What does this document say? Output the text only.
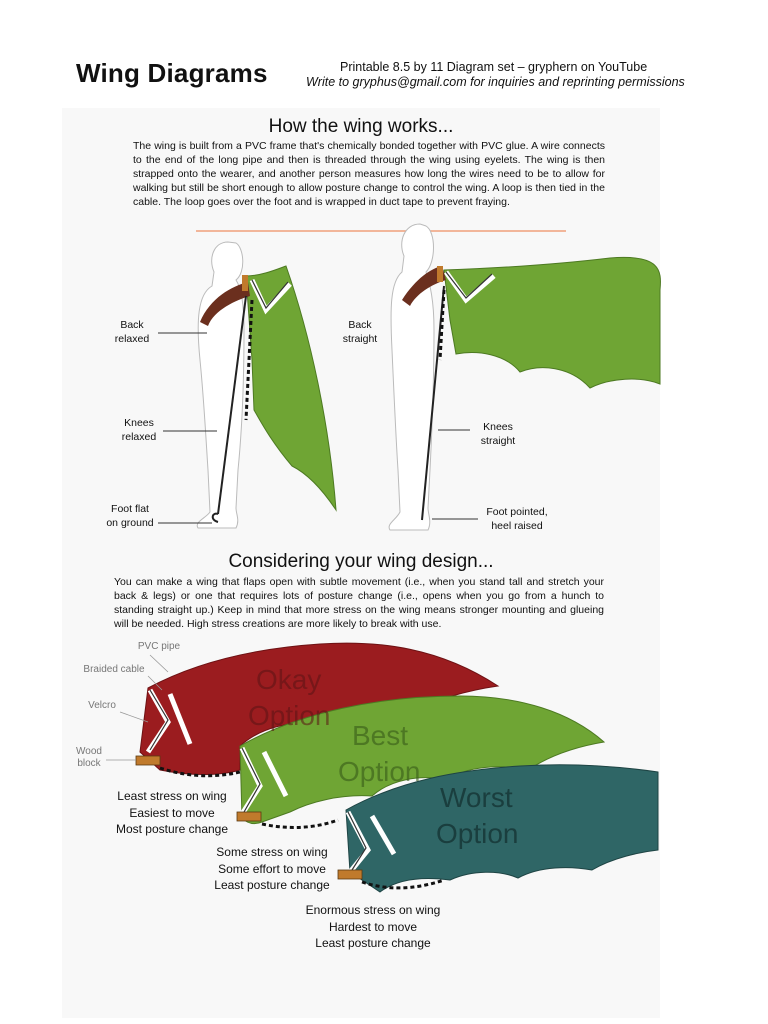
Wing Diagrams	Printable 8.5 by 11 Diagram set – gryphern on YouTube
Write to gryphus@gmail.com for inquiries and reprinting permissions
How the wing works...
The wing is built from a PVC frame that's chemically bonded together with PVC glue. A wire connects to the end of the long pipe and then is threaded through the wing using eyelets. The wing is then strapped onto the wearer, and another person measures how long the wires need to be to allow for walking but still be short enough to allow posture change to control the wing. A loop is then tied in the cable. The loop goes over the foot and is wrapped in duct tape to prevent fraying.
Back
relaxed
Knees
relaxed
Foot flat
on ground
Back
straight
Knees
straight
Foot pointed,
heel raised
Considering your wing design...
You can make a wing that flaps open with subtle movement (i.e., when you stand tall and stretch your back & legs) or one that requires lots of posture change (i.e., opens when you go from a hunch to standing straight up.) Keep in mind that more stress on the wing means stronger mounting and glueing will be needed. High stress creations are more likely to break with use.
PVC pipe
Braided cable
Velcro
Wood
block
Okay
Option
Best
Option
Worst
Option
Least stress on wing
Easiest to move
Most posture change
Some stress on wing
Some effort to move
Least posture change
Enormous stress on wing
Hardest to move
Least posture change
